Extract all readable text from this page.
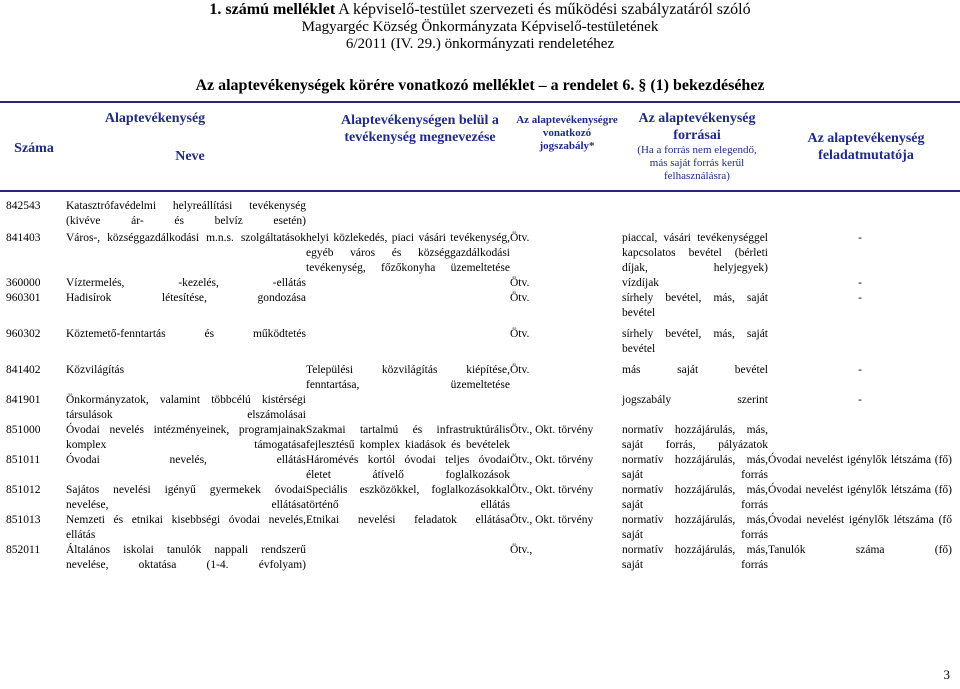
1. számú melléklet A képviselő-testület szervezeti és működési szabályzatáról szóló
Magyargéc Község Önkormányzata Képviselő-testületének
6/2011 (IV. 29.) önkormányzati rendeletéhez
Az alaptevékenységek körére vonatkozó melléklet – a rendelet 6. § (1) bekezdéséhez
Száma
Alaptevékenység
Neve
Alaptevékenységen belül a tevékenység megnevezése
Az alaptevékenységre vonatkozó jogszabály*
Az alaptevékenység forrásai
(Ha a forrás nem elegendő, más saját forrás kerül felhasználásra)
Az alaptevékenység feladatmutatója
842543	Katasztrófavédelmi helyreállítási tevékenység (kivéve ár- és belvíz esetén)				
841403	Város-, községgazdálkodási m.n.s. szolgáltatások	helyi közlekedés, piaci vásári tevékenység, egyéb város és községgazdálkodási tevékenység, főzőkonyha üzemeltetése	Ötv.	piaccal, vásári tevékenységgel kapcsolatos bevétel (bérleti díjak, helyjegyek)	-
360000	Víztermelés, -kezelés, -ellátás		Ötv.	vízdíjak	-
960301	Hadisírok létesítése, gondozása		Ötv.	sírhely bevétel, más, saját bevétel	-
960302	Köztemető-fenntartás és működtetés		Ötv.	sírhely bevétel, más, saját bevétel	
841402	Közvilágítás	Települési közvilágítás kiépítése, fenntartása, üzemeltetése	Ötv.	más saját bevétel	-
841901	Önkormányzatok, valamint többcélú kistérségi társulások elszámolásai			jogszabály szerint	-
851000	Óvodai nevelés intézményeinek, programjainak komplex támogatása	Szakmai tartalmú és infrastruktúrális fejlesztésű komplex kiadások és bevételek	Ötv., Okt. törvény	normatív hozzájárulás, más, saját forrás, pályázatok	
851011	Óvodai nevelés, ellátás	Háromévés kortól óvodai teljes óvodai életet átívelő foglalkozások	Ötv., Okt. törvény	normatív hozzájárulás, más, saját forrás	Óvodai nevelést igénylők létszáma (fő)
851012	Sajátos nevelési igényű gyermekek óvodai nevelése, ellátása	Speciális eszközökkel, foglalkozásokkal történő ellátás	Ötv., Okt. törvény	normatív hozzájárulás, más, saját forrás	Óvodai nevelést igénylők létszáma (fő)
851013	Nemzeti és etnikai kisebbségi óvodai nevelés, ellátás	Etnikai nevelési feladatok ellátása	Ötv., Okt. törvény	normatív hozzájárulás, más, saját forrás	Óvodai nevelést igénylők létszáma (fő
852011	Általános iskolai tanulók nappali rendszerű nevelése, oktatása (1-4. évfolyam)		Ötv.,	normatív hozzájárulás, más, saját forrás	Tanulók száma (fő)
3
